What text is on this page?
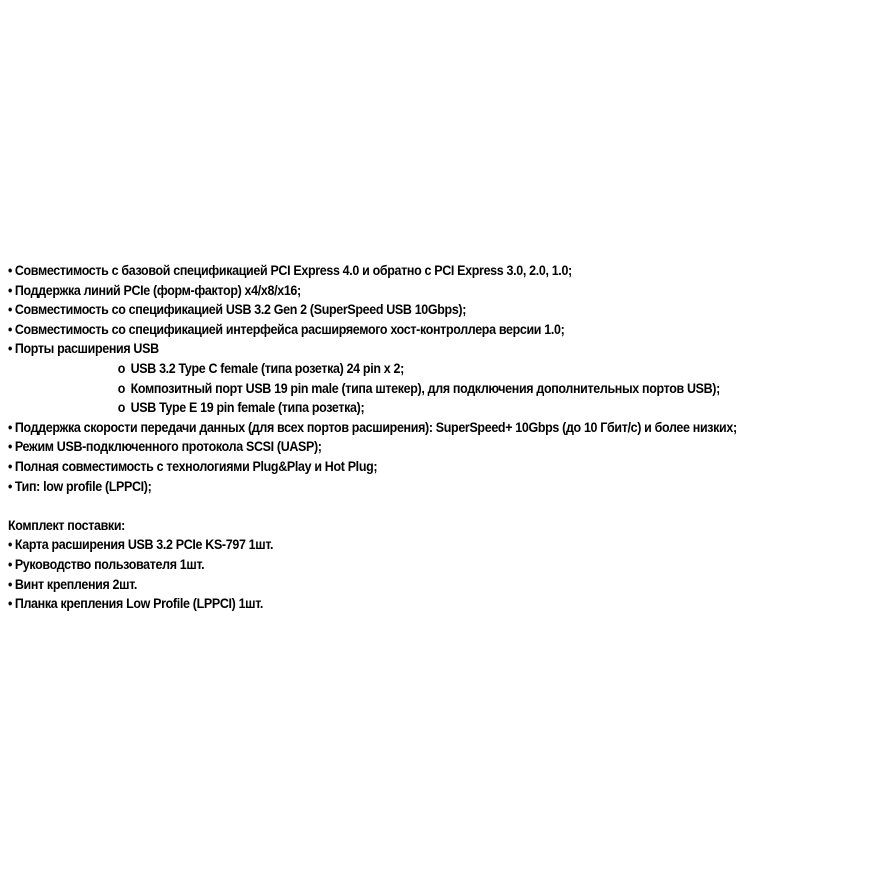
• Совместимость с базовой спецификацией PCI Express 4.0 и обратно с PCI Express 3.0, 2.0, 1.0;
• Поддержка линий PCIe (форм-фактор) x4/x8/x16;
• Совместимость со спецификацией USB 3.2 Gen 2 (SuperSpeed USB 10Gbps);
• Совместимость со спецификацией интерфейса расширяемого хост-контроллера версии 1.0;
• Порты расширения USB
o USB 3.2 Type C female (типа розетка) 24 pin x 2;
o Композитный порт USB 19 pin male (типа штекер), для подключения дополнительных портов USB);
o USB Type E 19 pin female (типа розетка);
• Поддержка скорости передачи данных (для всех портов расширения): SuperSpeed+ 10Gbps (до 10 Гбит/с) и более низких;
• Режим USB-подключенного протокола SCSI (UASP);
• Полная совместимость с технологиями Plug&Play и Hot Plug;
• Тип: low profile (LPPCI);
Комплект поставки:
• Карта расширения USB 3.2 PCIe KS-797 1шт.
• Руководство пользователя 1шт.
• Винт крепления 2шт.
• Планка крепления Low Profile (LPPCI) 1шт.
